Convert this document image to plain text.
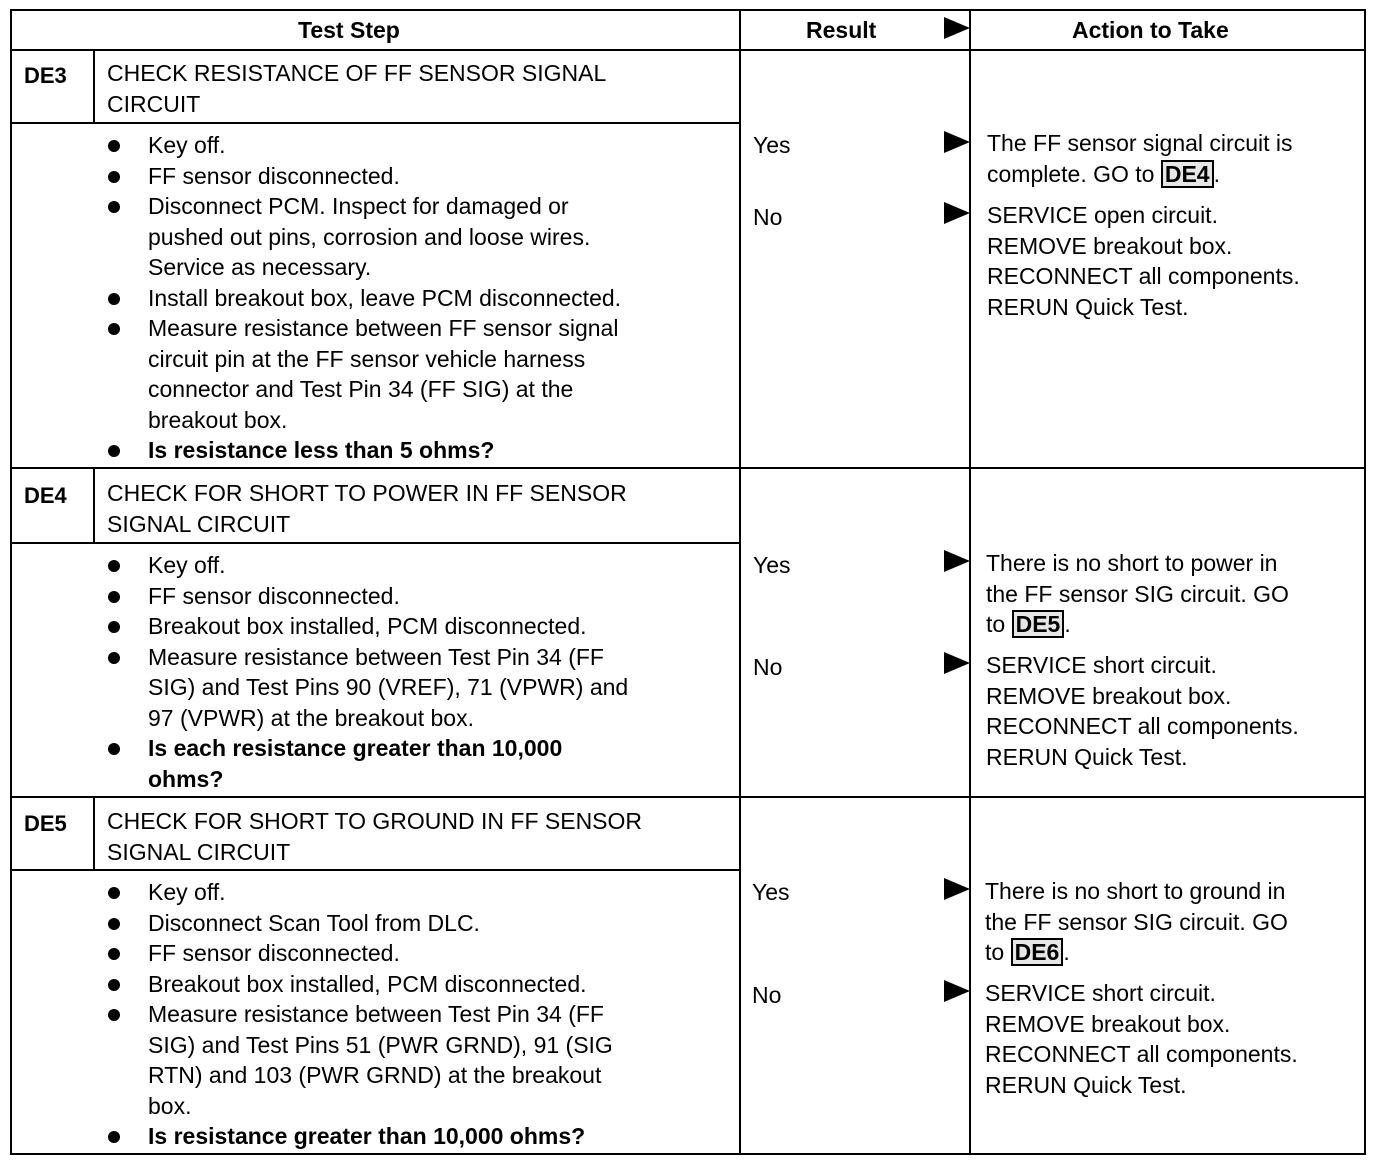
Test Step	Result	Action to Take
DE3 CHECK RESISTANCE OF FF SENSOR SIGNAL
CIRCUIT
Key off.
FF sensor disconnected.
Disconnect PCM. Inspect for damaged or
pushed out pins, corrosion and loose wires.
Service as necessary.
Install breakout box, leave PCM disconnected.
Measure resistance between FF sensor signal
circuit pin at the FF sensor vehicle harness
connector and Test Pin 34 (FF SIG) at the
breakout box.
Is resistance less than 5 ohms?
Yes
No
The FF sensor signal circuit is
complete. GO to DE4 .
SERVICE open circuit.
REMOVE breakout box.
RECONNECT all components.
RERUN Quick Test.
DE4 CHECK FOR SHORT TO POWER IN FF SENSOR
SIGNAL CIRCUIT
Key off.
FF sensor disconnected.
Breakout box installed, PCM disconnected.
Measure resistance between Test Pin 34 (FF
SIG) and Test Pins 90 (VREF), 71 (VPWR) and
97 (VPWR) at the breakout box.
Is each resistance greater than 10,000
ohms?
Yes
No
There is no short to power in
the FF sensor SIG circuit. GO
to DE5 .
SERVICE short circuit.
REMOVE breakout box.
RECONNECT all components.
RERUN Quick Test.
DE5 CHECK FOR SHORT TO GROUND IN FF SENSOR
SIGNAL CIRCUIT
Key off.
Disconnect Scan Tool from DLC.
FF sensor disconnected.
Breakout box installed, PCM disconnected.
Measure resistance between Test Pin 34 (FF
SIG) and Test Pins 51 (PWR GRND), 91 (SIG
RTN) and 103 (PWR GRND) at the breakout
box.
Is resistance greater than 10,000 ohms?
Yes
No
There is no short to ground in
the FF sensor SIG circuit. GO
to DE6 .
SERVICE short circuit.
REMOVE breakout box.
RECONNECT all components.
RERUN Quick Test.
